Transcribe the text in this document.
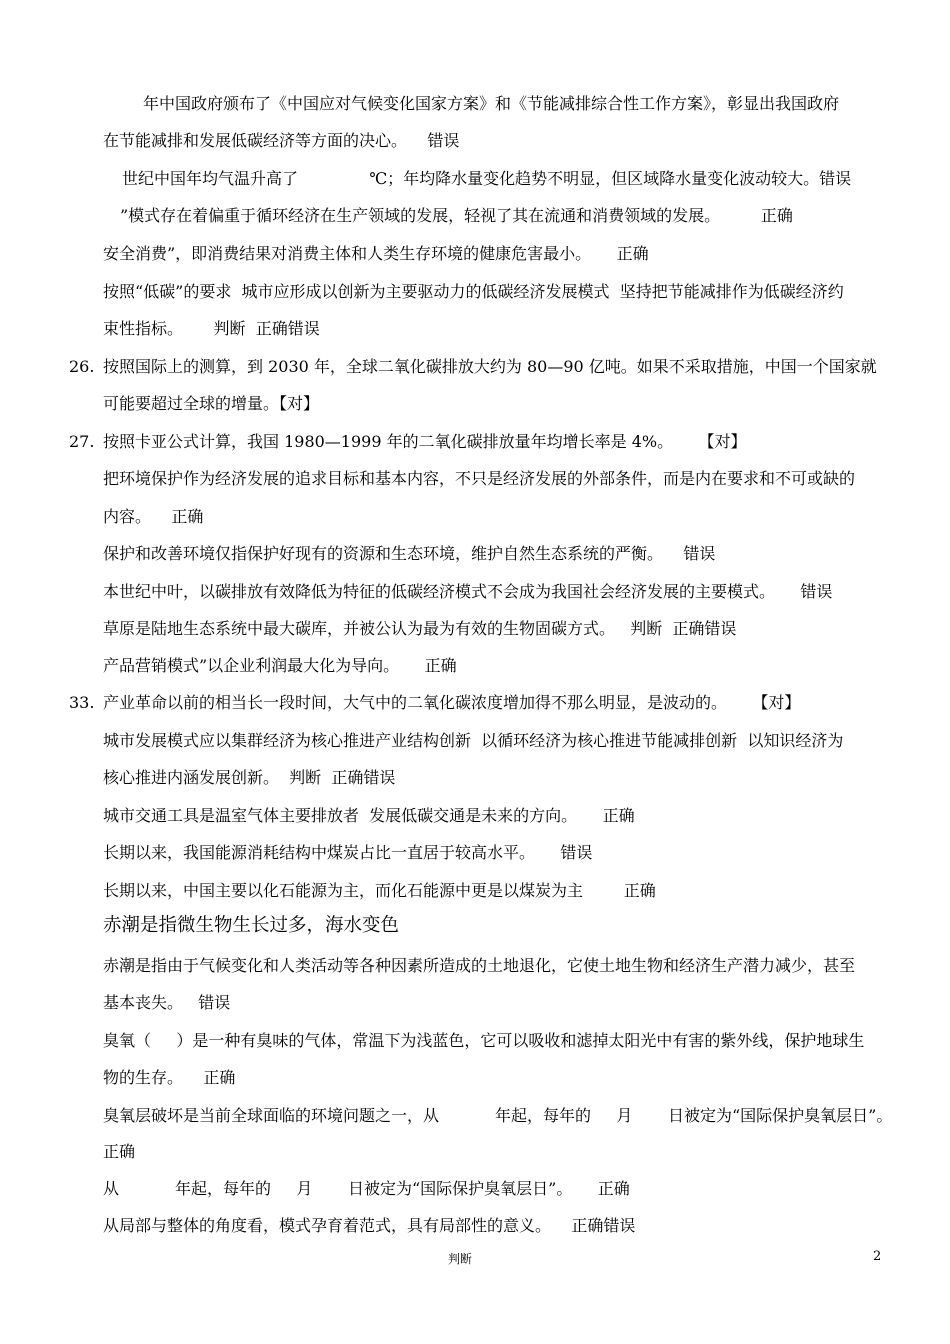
年中国政府颁布了《中国应对气候变化国家方案》和《节能减排综合性工作方案》，彰显出我国政府
在节能减排和发展低碳经济等方面的决心。    错误
世纪中国年均气温升高了              ℃；年均降水量变化趋势不明显，但区域降水量变化波动较大。错误
”模式存在着偏重于循环经济在生产领域的发展，轻视了其在流通和消费领域的发展。        正确
安全消费”，即消费结果对消费主体和人类生存环境的健康危害最小。     正确
按照“低碳”的要求  城市应形成以创新为主要驱动力的低碳经济发展模式  坚持把节能减排作为低碳经济约
束性指标。      判断  正确错误
26. 按照国际上的测算，到 2030 年，全球二氧化碳排放大约为 80—90 亿吨。如果不采取措施，中国一个国家就
可能要超过全球的增量。【对】
27. 按照卡亚公式计算，我国 1980—1999 年的二氧化碳排放量年均增长率是 4%。     【对】
把环境保护作为经济发展的追求目标和基本内容，不只是经济发展的外部条件，而是内在要求和不可或缺的
内容。    正确
保护和改善环境仅指保护好现有的资源和生态环境，维护自然生态系统的严衡。    错误
本世纪中叶，以碳排放有效降低为特征的低碳经济模式不会成为我国社会经济发展的主要模式。     错误
草原是陆地生态系统中最大碳库，并被公认为最为有效的生物固碳方式。   判断  正确错误
产品营销模式”以企业利润最大化为导向。     正确
33. 产业革命以前的相当长一段时间，大气中的二氧化碳浓度增加得不那么明显，是波动的。     【对】
城市发展模式应以集群经济为核心推进产业结构创新  以循环经济为核心推进节能减排创新  以知识经济为
核心推进内涵发展创新。  判断  正确错误
城市交通工具是温室气体主要排放者  发展低碳交通是未来的方向。     正确
长期以来，我国能源消耗结构中煤炭占比一直居于较高水平。     错误
长期以来，中国主要以化石能源为主，而化石能源中更是以煤炭为主        正确
赤潮是指微生物生长过多，海水变色
赤潮是指由于气候变化和人类活动等各种因素所造成的土地退化，它使土地生物和经济生产潜力减少，甚至
基本丧失。   错误
臭氧（     ）是一种有臭味的气体，常温下为浅蓝色，它可以吸收和滤掉太阳光中有害的紫外线，保护地球生
物的生存。    正确
臭氧层破坏是当前全球面临的环境问题之一，从           年起，每年的     月       日被定为“国际保护臭氧层日”。
正确
从           年起，每年的     月       日被定为“国际保护臭氧层日”。     正确
从局部与整体的角度看，模式孕育着范式，具有局部性的意义。    正确错误
判断	2
